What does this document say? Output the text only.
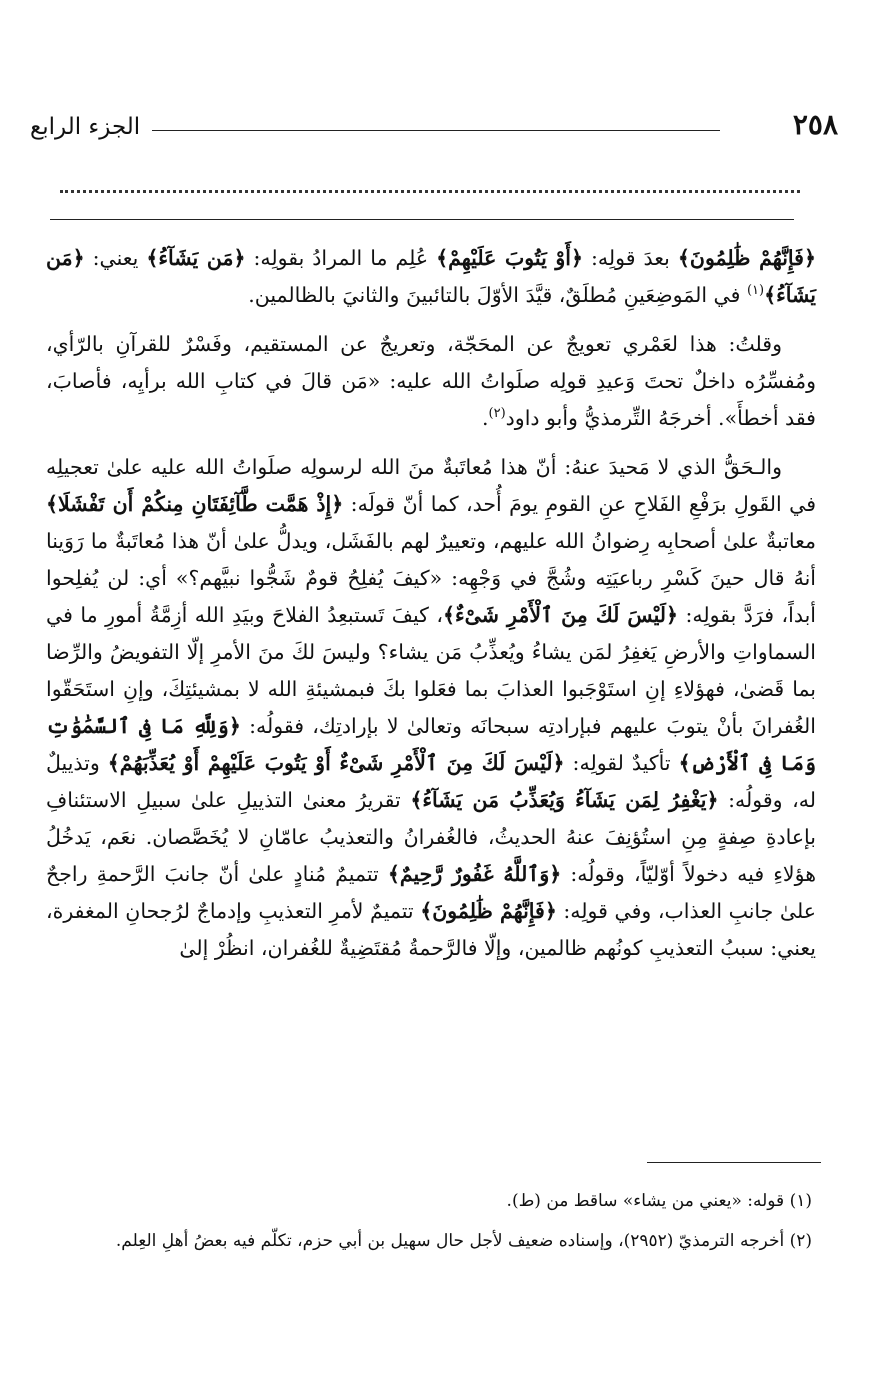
٢٥٨
الجزء الرابع

﴿فَإِنَّهُمْ ظَٰلِمُونَ﴾ بعدَ قولِه: ﴿أَوْ يَتُوبَ عَلَيْهِمْ﴾ عُلِم ما المرادُ بقولِه: ﴿مَن يَشَآءُ﴾ يعني: ﴿مَن يَشَآءُ﴾$^{(١)}$ في المَوضِعَينِ مُطلَقٌ، قيَّدَ الأوّلَ بالتائبينَ والثانيَ بالظالمين.

وقلتُ: هذا لعَمْري تعويجٌ عن المحَجّة، وتعريجٌ عن المستقيم، وفَسْرٌ للقرآنِ بالرّأي، ومُفسِّرُه داخلٌ تحتَ وَعيدِ قولِه صلَواتُ الله عليه: «مَن قالَ في كتابِ الله برأيِه، فأصابَ، فقد أخطأَ». أخرجَهُ التِّرمذيُّ وأبو داود$^{(٢)}$.

والـحَقُّ الذي لا مَحيدَ عنهُ: أنّ هذا مُعاتَبةٌ منَ الله لرسولِه صلَواتُ الله عليه علىٰ تعجيلِه في القَولِ برَفْعِ الفَلاحِ عنِ القومِ يومَ أُحد، كما أنّ قولَه: ﴿إِذْ هَمَّت طَّآئِفَتَانِ مِنكُمْ أَن تَفْشَلَا﴾ معاتبةٌ علىٰ أصحابِه رِضوانُ الله عليهم، وتعييرٌ لهم بالفَشَل، ويدلُّ علىٰ أنّ هذا مُعاتَبةٌ ما رَوَينا أنهُ قال حينَ كَسْرِ رباعيَتِه وشُجَّ في وَجْهِه: «كيفَ يُفلِحُ قومٌ شَجُّوا نبيَّهم؟» أي: لن يُفلِحوا أبداً، فرَدَّ بقولِه: ﴿لَيْسَ لَكَ مِنَ ٱلْأَمْرِ شَىْءٌ﴾، كيفَ تَستبعِدُ الفلاحَ وبيَدِ الله أزِمَّةُ أمورِ ما في السماواتِ والأرضِ يَغفِرُ لمَن يشاءُ ويُعذِّبُ مَن يشاء؟ وليسَ لكَ منَ الأمرِ إلّا التفويضُ والرِّضا بما قَضىٰ، فهؤلاءِ إنِ استَوْجَبوا العذابَ بما فعَلوا بكَ فبمشيئةِ الله لا بمشيئتِكَ، وإنِ استَحَقّوا الغُفرانَ بأنْ يتوبَ عليهم فبإرادتِه سبحانَه وتعالىٰ لا بإرادتِك، فقولُه: ﴿وَلِلَّهِ مَا فِى ٱلسَّمَٰوَٰتِ وَمَا فِى ٱلْأَرْضِ﴾ تأكيدٌ لقولِه: ﴿لَيْسَ لَكَ مِنَ ٱلْأَمْرِ شَىْءٌ أَوْ يَتُوبَ عَلَيْهِمْ أَوْ يُعَذِّبَهُمْ﴾ وتذييلٌ له، وقولُه: ﴿يَغْفِرُ لِمَن يَشَآءُ وَيُعَذِّبُ مَن يَشَآءُ﴾ تقريرُ معنىٰ التذييلِ علىٰ سبيلِ الاستئنافِ بإعادةِ صِفةٍ مِنِ استُؤنِفَ عنهُ الحديثُ، فالغُفرانُ والتعذيبُ عامّانِ لا يُخَصَّصان. نعَم، يَدخُلُ هؤلاءِ فيه دخولاً أوّليّاً، وقولُه: ﴿وَٱللَّهُ غَفُورٌ رَّحِيمٌ﴾ تتميمٌ مُنادٍ علىٰ أنّ جانبَ الرَّحمةِ راجحٌ علىٰ جانبِ العذاب، وفي قولِه: ﴿فَإِنَّهُمْ ظَٰلِمُونَ﴾ تتميمٌ لأمرِ التعذيبِ وإدماجٌ لرُجحانِ المغفرة، يعني: سببُ التعذيبِ كونُهم ظالمين، وإلّا فالرَّحمةُ مُقتَضِيةٌ للغُفران، انظُرْ إلىٰ

(١) قوله: «يعني من يشاء» ساقط من (ط).
(٢) أخرجه الترمذيّ (٢٩٥٢)، وإسناده ضعيف لأجل حال سهيل بن أبي حزم، تكلّم فيه بعضُ أهلِ العِلم.
